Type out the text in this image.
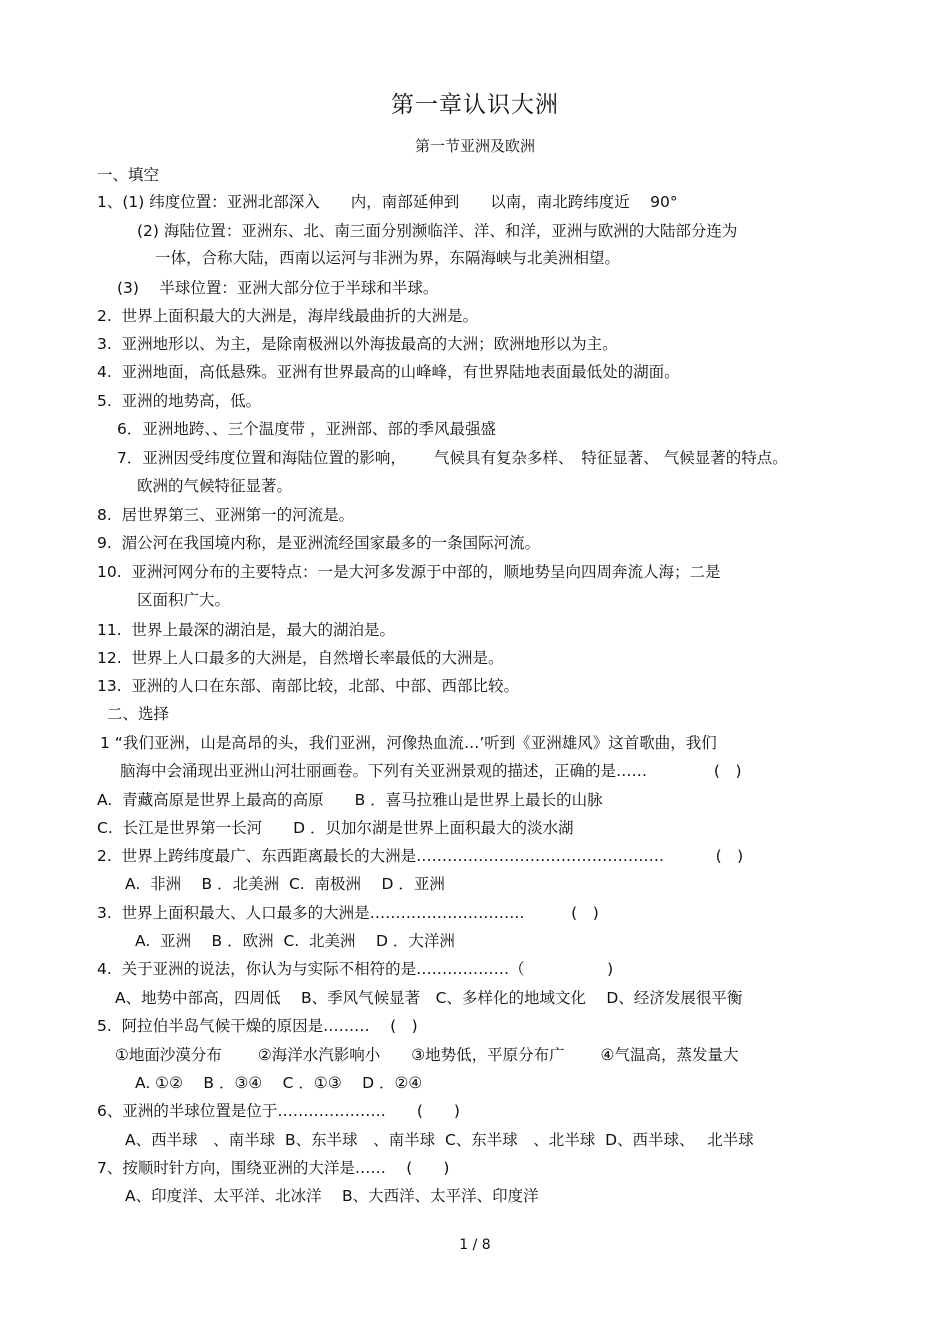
第一章认识大洲
第一节亚洲及欧洲
一、填空
1、(1) 纬度位置：亚洲北部深入　　内，南部延伸到　　以南，南北跨纬度近　 90°
(2) 海陆位置：亚洲东、北、南三面分别濒临洋、洋、和洋，亚洲与欧洲的大陆部分连为
一体，合称大陆，西南以运河与非洲为界，东隔海峡与北美洲相望。
(3)　 半球位置：亚洲大部分位于半球和半球。
2.  世界上面积最大的大洲是，海岸线最曲折的大洲是。
3.  亚洲地形以、为主，是除南极洲以外海拔最高的大洲；欧洲地形以为主。
4.  亚洲地面，高低悬殊。亚洲有世界最高的山峰峰，有世界陆地表面最低处的湖面。
5.  亚洲的地势高，低。
6．亚洲地跨、、三个温度带 ，亚洲部、部的季风最强盛
7．亚洲因受纬度位置和海陆位置的影响，　　 气候具有复杂多样、　特征显著、 气候显著的特点。
欧洲的气候特征显著。
8.  居世界第三、亚洲第一的河流是。
9.  湄公河在我国境内称，是亚洲流经国家最多的一条国际河流。
10.  亚洲河网分布的主要特点：一是大河多发源于中部的，顺地势呈向四周奔流人海；二是
区面积广大。
11.  世界上最深的湖泊是，最大的湖泊是。
12.  世界上人口最多的大洲是，自然增长率最低的大洲是。
13.  亚洲的人口在东部、南部比较，北部、中部、西部比较。
二、选择
1 “我们亚洲，山是高昂的头，我们亚洲，河像热血流…’听到《亚洲雄风》这首歌曲，我们
脑海中会涌现出亚洲山河壮丽画卷。下列有关亚洲景观的描述，正确的是……　　　　 (　)
A.  青藏高原是世界上最高的高原　　B ．喜马拉雅山是世界上最长的山脉
C.  长江是世界第一长河　　D ．贝加尔湖是世界上面积最大的淡水湖
2.  世界上跨纬度最广、东西距离最长的大洲是…………………………………………　　　 (　)
A.  非洲　 B ．北美洲  C.  南极洲　 D ．亚洲
3.  世界上面积最大、人口最多的大洲是…………………………　　　(　)
A.  亚洲　 B ．欧洲  C.  北美洲　 D ．大洋洲
4.  关于亚洲的说法，你认为与实际不相符的是………………（　　　　　 )
A、地势中部高，四周低　 B、季风气候显著　C、多样化的地域文化　 D、经济发展很平衡
5.  阿拉伯半岛气候干燥的原因是………　 (　)
①地面沙漠分布　　 ②海洋水汽影响小　　③地势低，平原分布广　　 ④气温高，蒸发量大
A. ①②　 B ．③④　 C ．①③　 D ．②④
6、亚洲的半球位置是位于…………………　　(　　)
A、西半球　、南半球  B、东半球　、南半球  C、东半球　、北半球  D、西半球、　 北半球
7、按顺时针方向，围绕亚洲的大洋是……　 (　　)
A、印度洋、太平洋、北冰洋　 B、大西洋、太平洋、印度洋
1 / 8
